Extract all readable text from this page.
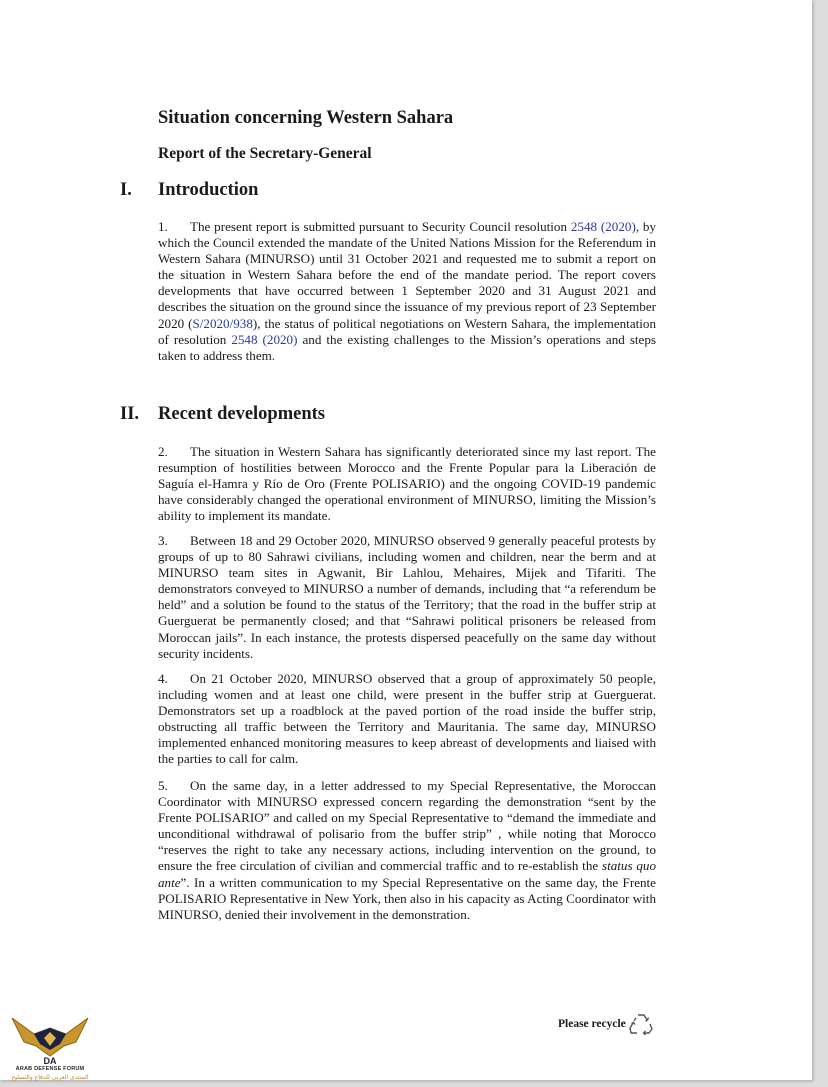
Situation concerning Western Sahara
Report of the Secretary-General
I. Introduction

1. The present report is submitted pursuant to Security Council resolution 2548 (2020), by which the Council extended the mandate of the United Nations Mission for the Referendum in Western Sahara (MINURSO) until 31 October 2021 and requested me to submit a report on the situation in Western Sahara before the end of the mandate period. The report covers developments that have occurred between 1 September 2020 and 31 August 2021 and describes the situation on the ground since the issuance of my previous report of 23 September 2020 (S/2020/938), the status of political negotiations on Western Sahara, the implementation of resolution 2548 (2020) and the existing challenges to the Mission’s operations and steps taken to address them.

II. Recent developments

2. The situation in Western Sahara has significantly deteriorated since my last report. The resumption of hostilities between Morocco and the Frente Popular para la Liberación de Saguía el-Hamra y Río de Oro (Frente POLISARIO) and the ongoing COVID-19 pandemic have considerably changed the operational environment of MINURSO, limiting the Mission’s ability to implement its mandate.

3. Between 18 and 29 October 2020, MINURSO observed 9 generally peaceful protests by groups of up to 80 Sahrawi civilians, including women and children, near the berm and at MINURSO team sites in Agwanit, Bir Lahlou, Mehaires, Mijek and Tifariti. The demonstrators conveyed to MINURSO a number of demands, including that “a referendum be held” and a solution be found to the status of the Territory; that the road in the buffer strip at Guerguerat be permanently closed; and that “Sahrawi political prisoners be released from Moroccan jails”. In each instance, the protests dispersed peacefully on the same day without security incidents.

4. On 21 October 2020, MINURSO observed that a group of approximately 50 people, including women and at least one child, were present in the buffer strip at Guerguerat. Demonstrators set up a roadblock at the paved portion of the road inside the buffer strip, obstructing all traffic between the Territory and Mauritania. The same day, MINURSO implemented enhanced monitoring measures to keep abreast of developments and liaised with the parties to call for calm.

5. On the same day, in a letter addressed to my Special Representative, the Moroccan Coordinator with MINURSO expressed concern regarding the demonstration “sent by the Frente POLISARIO” and called on my Special Representative to “demand the immediate and unconditional withdrawal of polisario from the buffer strip” , while noting that Morocco “reserves the right to take any necessary actions, including intervention on the ground, to ensure the free circulation of civilian and commercial traffic and to re-establish the status quo ante”. In a written communication to my Special Representative on the same day, the Frente POLISARIO Representative in New York, then also in his capacity as Acting Coordinator with MINURSO, denied their involvement in the demonstration.

Please recycle
DA
ARAB DEFENSE FORUM
المنتدى العربي للدفاع والتسليح
